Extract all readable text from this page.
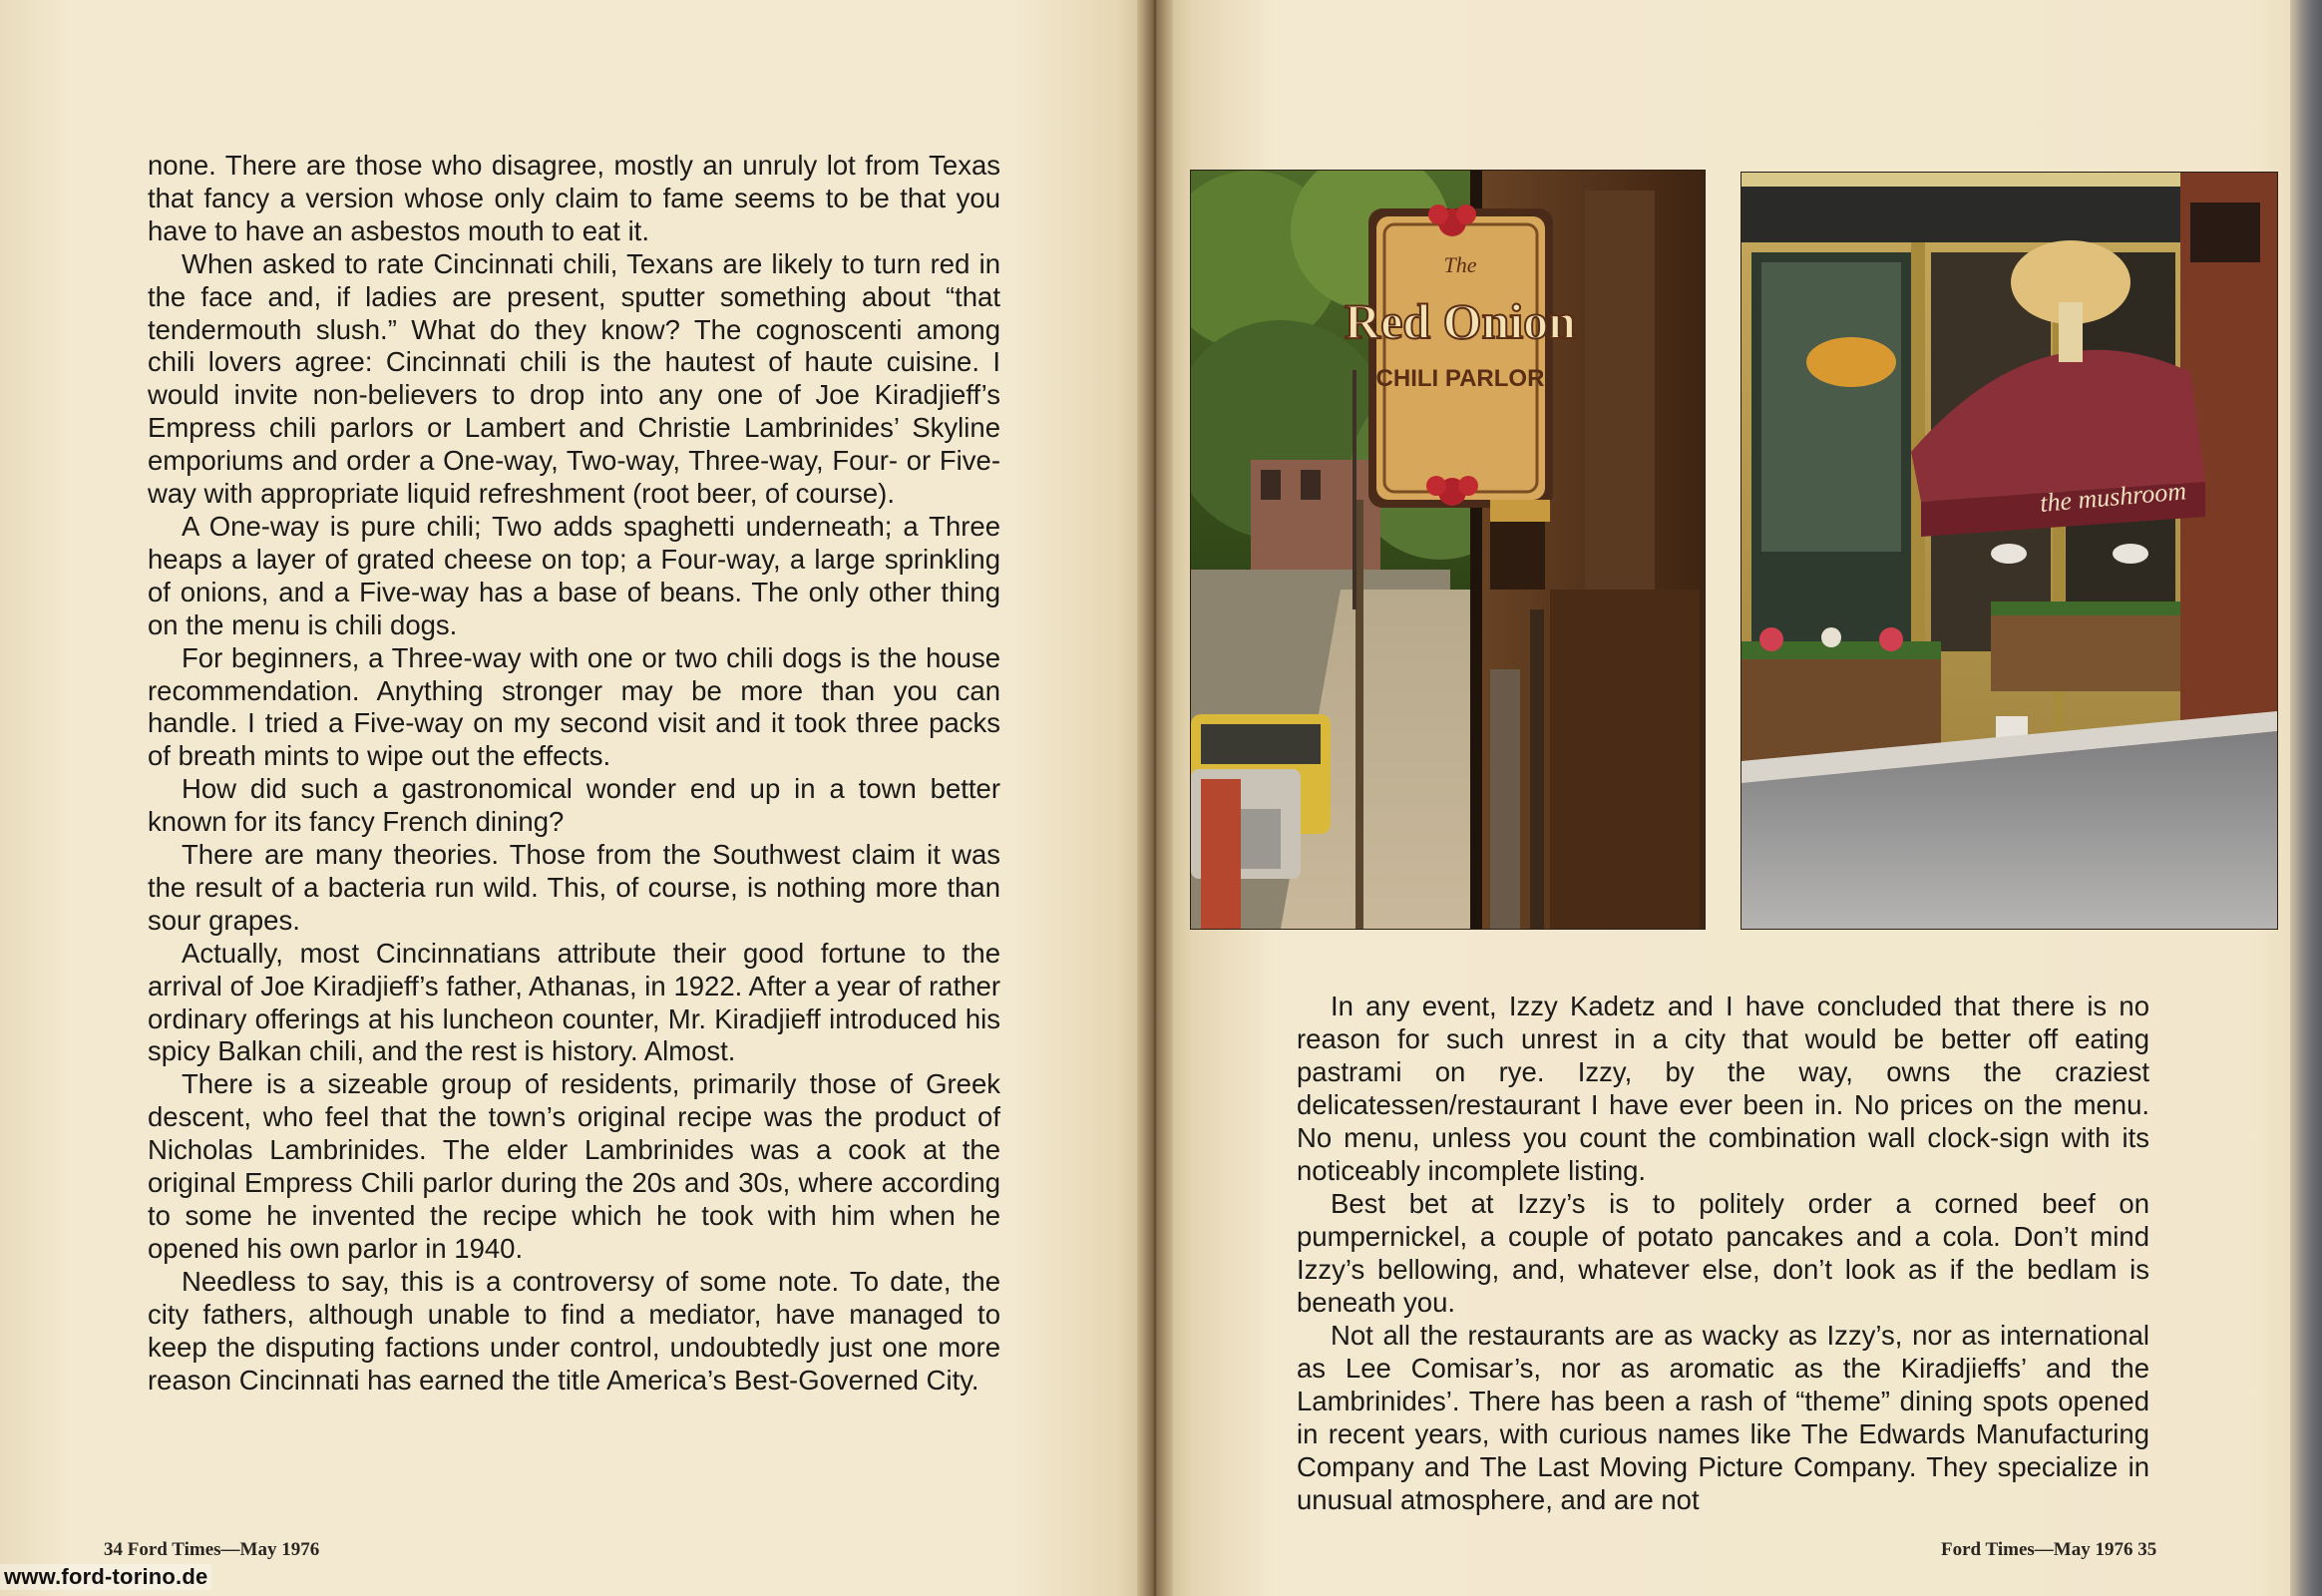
none. There are those who disagree, mostly an unruly lot from Texas that fancy a version whose only claim to fame seems to be that you have to have an asbestos mouth to eat it.

When asked to rate Cincinnati chili, Texans are likely to turn red in the face and, if ladies are present, sputter something about “that tendermouth slush.” What do they know? The cognoscenti among chili lovers agree: Cincinnati chili is the hautest of haute cuisine. I would invite non-believers to drop into any one of Joe Kiradjieff’s Empress chili parlors or Lambert and Christie Lambrinides’ Skyline emporiums and order a One-way, Two-way, Three-way, Four- or Five-way with appropriate liquid refreshment (root beer, of course).

A One-way is pure chili; Two adds spaghetti underneath; a Three heaps a layer of grated cheese on top; a Four-way, a large sprinkling of onions, and a Five-way has a base of beans. The only other thing on the menu is chili dogs.

For beginners, a Three-way with one or two chili dogs is the house recommendation. Anything stronger may be more than you can handle. I tried a Five-way on my second visit and it took three packs of breath mints to wipe out the effects.

How did such a gastronomical wonder end up in a town better known for its fancy French dining?

There are many theories. Those from the Southwest claim it was the result of a bacteria run wild. This, of course, is nothing more than sour grapes.

Actually, most Cincinnatians attribute their good fortune to the arrival of Joe Kiradjieff’s father, Athanas, in 1922. After a year of rather ordinary offerings at his luncheon counter, Mr. Kiradjieff introduced his spicy Balkan chili, and the rest is history. Almost.

There is a sizeable group of residents, primarily those of Greek descent, who feel that the town’s original recipe was the product of Nicholas Lambrinides. The elder Lambrinides was a cook at the original Empress Chili parlor during the 20s and 30s, where according to some he invented the recipe which he took with him when he opened his own parlor in 1940.

Needless to say, this is a controversy of some note. To date, the city fathers, although unable to find a mediator, have managed to keep the disputing factions under control, undoubtedly just one more reason Cincinnati has earned the title America’s Best-Governed City.

34 Ford Times—May 1976
The
Red Onion
CHILI PARLOR
the mushroom

In any event, Izzy Kadetz and I have concluded that there is no reason for such unrest in a city that would be better off eating pastrami on rye. Izzy, by the way, owns the craziest delicatessen/restaurant I have ever been in. No prices on the menu. No menu, unless you count the combination wall clock-sign with its noticeably incomplete listing.

Best bet at Izzy’s is to politely order a corned beef on pumpernickel, a couple of potato pancakes and a cola. Don’t mind Izzy’s bellowing, and, whatever else, don’t look as if the bedlam is beneath you.

Not all the restaurants are as wacky as Izzy’s, nor as international as Lee Comisar’s, nor as aromatic as the Kiradjieffs’ and the Lambrinides’. There has been a rash of “theme” dining spots opened in recent years, with curious names like The Edwards Manufacturing Company and The Last Moving Picture Company. They specialize in unusual atmosphere, and are not

Ford Times—May 1976 35
www.ford-torino.de
